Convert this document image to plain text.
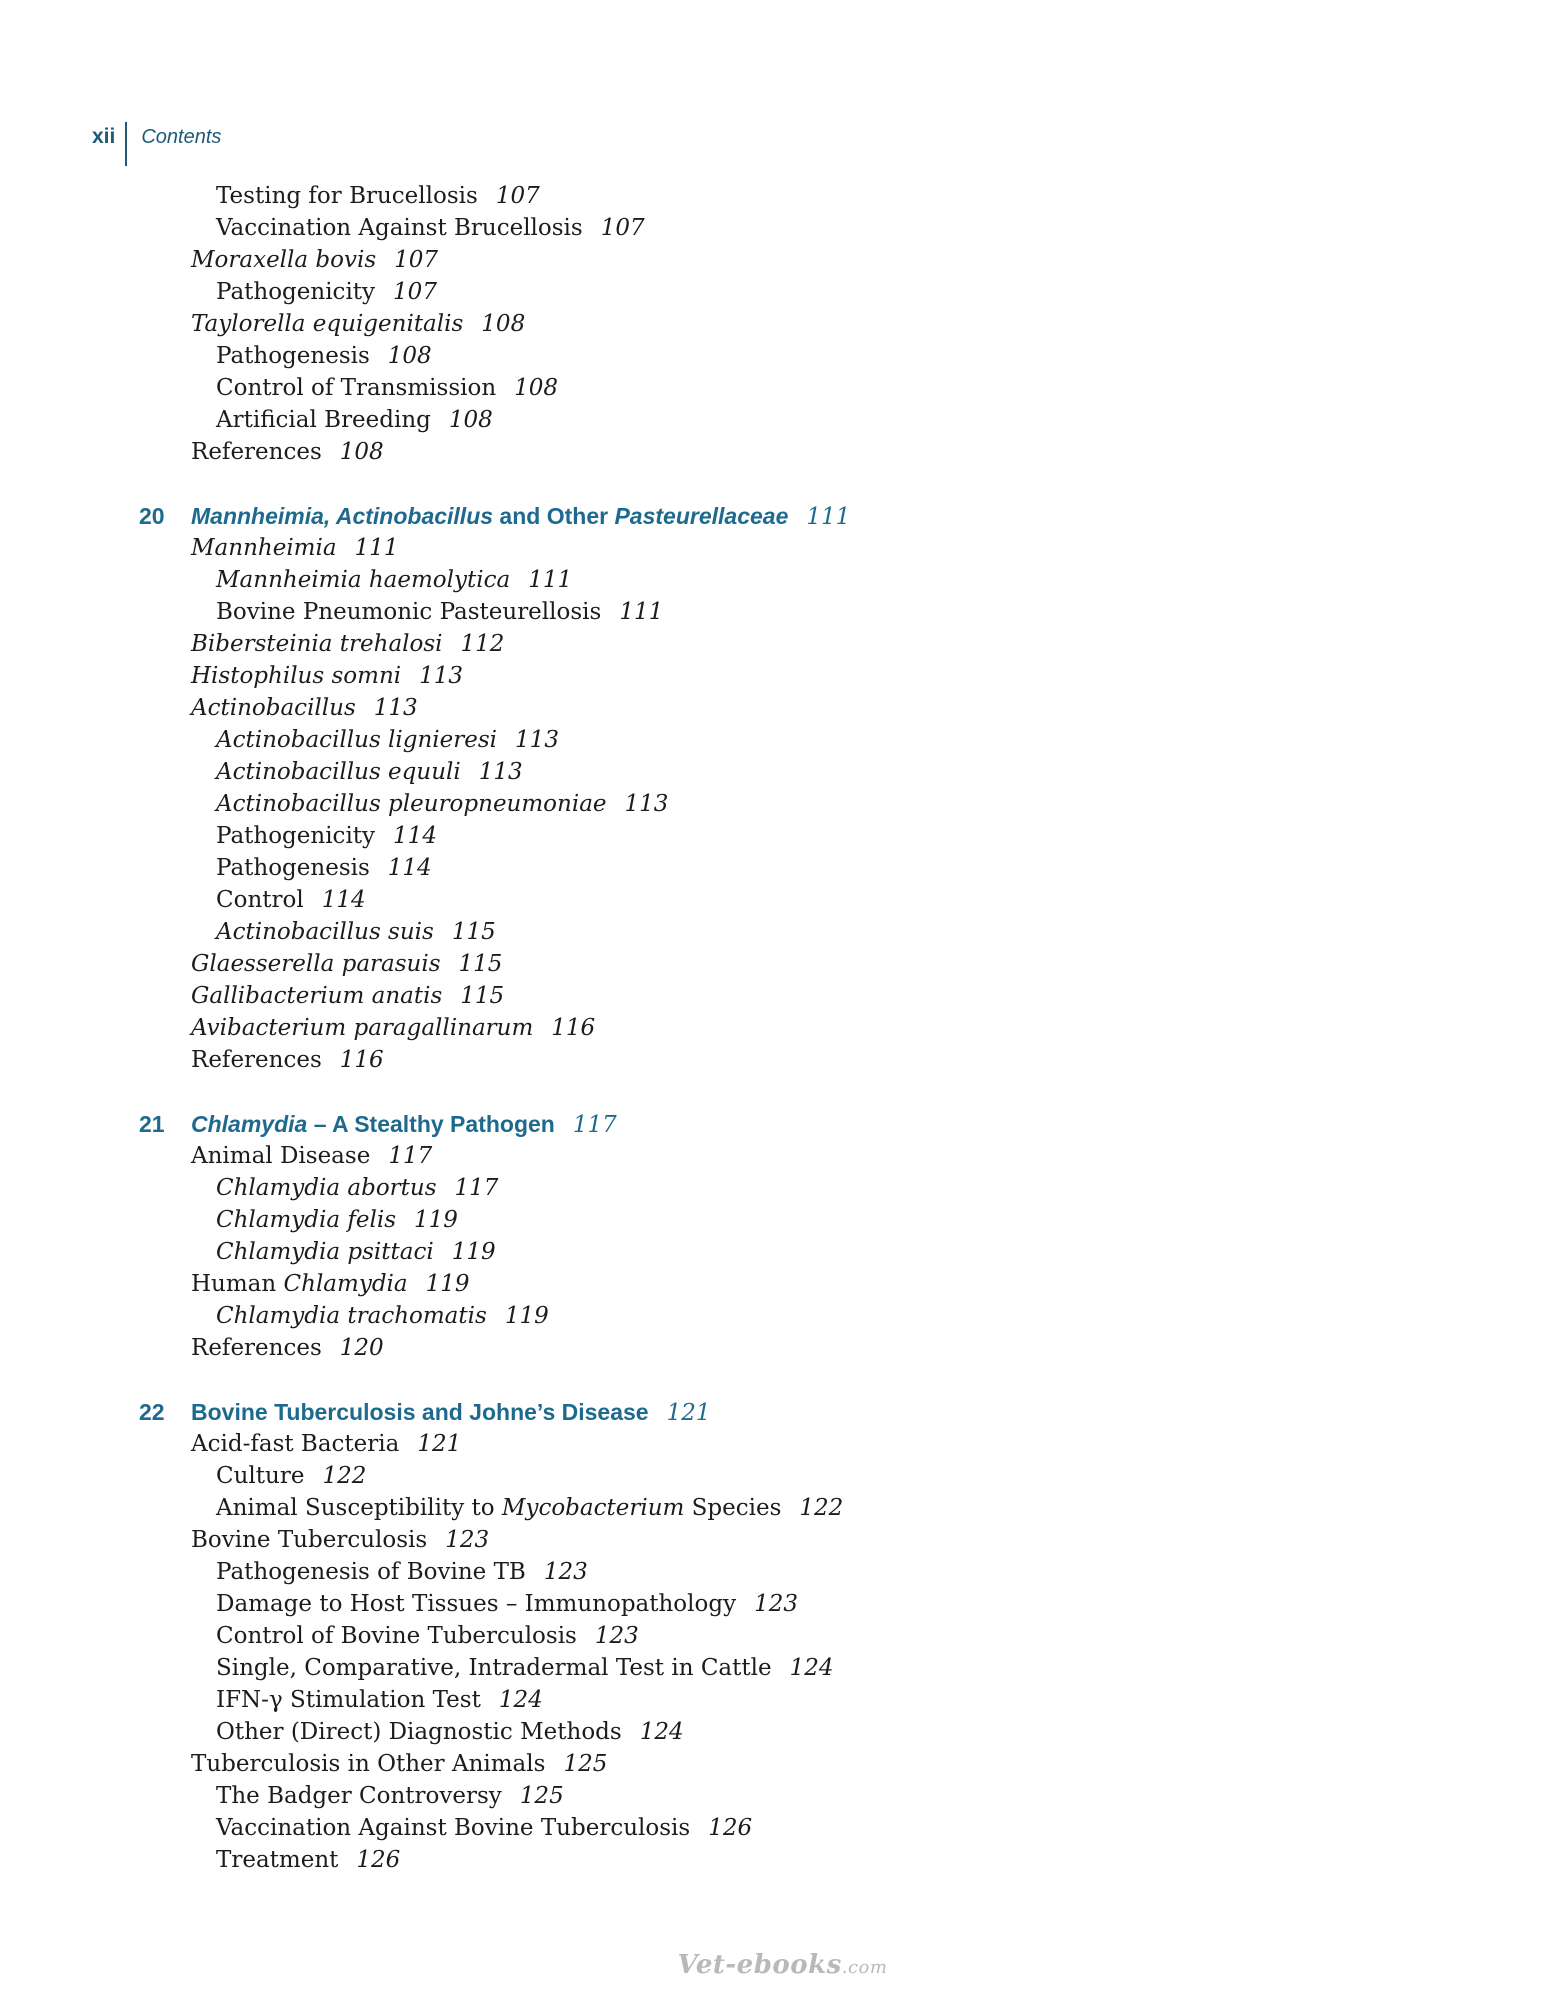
xii Contents
Testing for Brucellosis 107
Vaccination Against Brucellosis 107
Moraxella bovis 107
Pathogenicity 107
Taylorella equigenitalis 108
Pathogenesis 108
Control of Transmission 108
Artificial Breeding 108
References 108
20 Mannheimia, Actinobacillus and Other Pasteurellaceae 111
Mannheimia 111
Mannheimia haemolytica 111
Bovine Pneumonic Pasteurellosis 111
Bibersteinia trehalosi 112
Histophilus somni 113
Actinobacillus 113
Actinobacillus lignieresi 113
Actinobacillus equuli 113
Actinobacillus pleuropneumoniae 113
Pathogenicity 114
Pathogenesis 114
Control 114
Actinobacillus suis 115
Glaesserella parasuis 115
Gallibacterium anatis 115
Avibacterium paragallinarum 116
References 116
21 Chlamydia – A Stealthy Pathogen 117
Animal Disease 117
Chlamydia abortus 117
Chlamydia felis 119
Chlamydia psittaci 119
Human Chlamydia 119
Chlamydia trachomatis 119
References 120
22 Bovine Tuberculosis and Johne’s Disease 121
Acid-fast Bacteria 121
Culture 122
Animal Susceptibility to Mycobacterium Species 122
Bovine Tuberculosis 123
Pathogenesis of Bovine TB 123
Damage to Host Tissues – Immunopathology 123
Control of Bovine Tuberculosis 123
Single, Comparative, Intradermal Test in Cattle 124
IFN-γ Stimulation Test 124
Other (Direct) Diagnostic Methods 124
Tuberculosis in Other Animals 125
The Badger Controversy 125
Vaccination Against Bovine Tuberculosis 126
Treatment 126
Vet-ebooks.com
